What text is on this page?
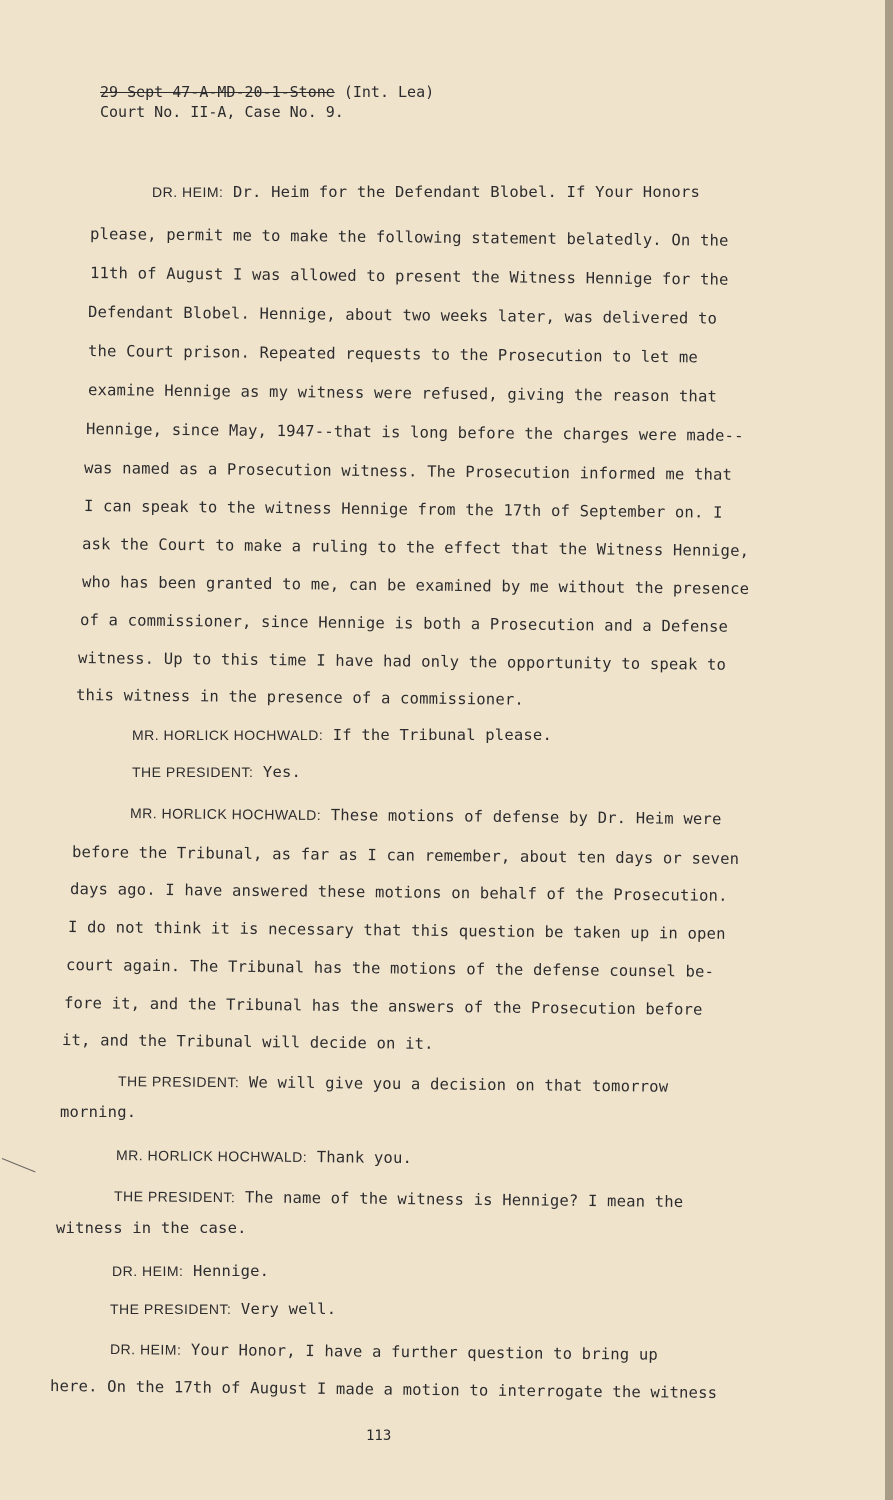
29 Sept 47-A-MD-20-1-Stone (Int. Lea)
Court No. II-A, Case No. 9.
DR. HEIM: Dr. Heim for the Defendant Blobel. If Your Honors
please, permit me to make the following statement belatedly. On the
11th of August I was allowed to present the Witness Hennige for the
Defendant Blobel. Hennige, about two weeks later, was delivered to
the Court prison. Repeated requests to the Prosecution to let me
examine Hennige as my witness were refused, giving the reason that
Hennige, since May, 1947--that is long before the charges were made--
was named as a Prosecution witness. The Prosecution informed me that
I can speak to the witness Hennige from the 17th of September on. I
ask the Court to make a ruling to the effect that the Witness Hennige,
who has been granted to me, can be examined by me without the presence
of a commissioner, since Hennige is both a Prosecution and a Defense
witness. Up to this time I have had only the opportunity to speak to
this witness in the presence of a commissioner.
MR. HORLICK HOCHWALD: If the Tribunal please.
THE PRESIDENT: Yes.
MR. HORLICK HOCHWALD: These motions of defense by Dr. Heim were
before the Tribunal, as far as I can remember, about ten days or seven
days ago. I have answered these motions on behalf of the Prosecution.
I do not think it is necessary that this question be taken up in open
court again. The Tribunal has the motions of the defense counsel be-
fore it, and the Tribunal has the answers of the Prosecution before
it, and the Tribunal will decide on it.
THE PRESIDENT: We will give you a decision on that tomorrow
morning.
MR. HORLICK HOCHWALD: Thank you.
THE PRESIDENT: The name of the witness is Hennige? I mean the
witness in the case.
DR. HEIM: Hennige.
THE PRESIDENT: Very well.
DR. HEIM: Your Honor, I have a further question to bring up
here. On the 17th of August I made a motion to interrogate the witness
113
